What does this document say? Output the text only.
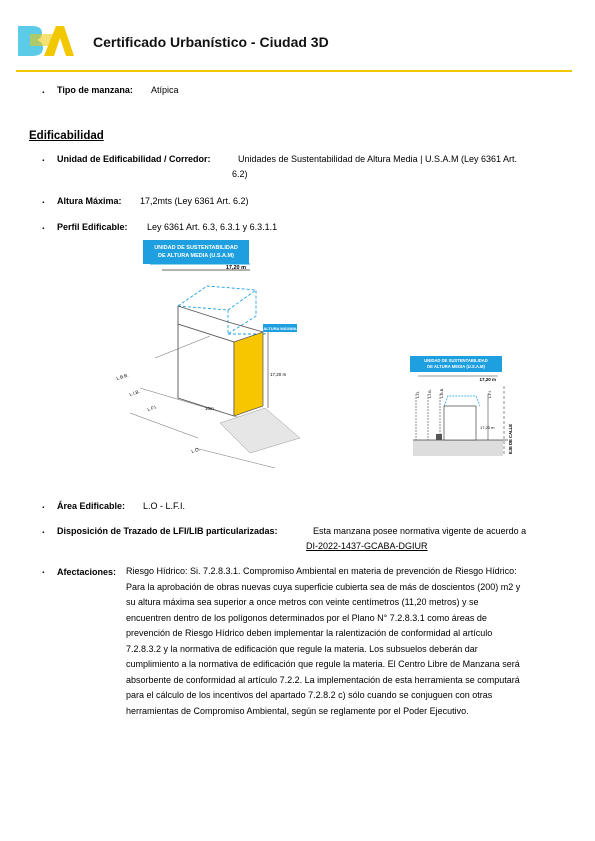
BA
Certificado Urbanístico - Ciudad 3D
. Tipo de manzana: Atípica
Edificabilidad
. Unidad de Edificabilidad / Corredor:	Unidades de Sustentabilidad de Altura Media | U.S.A.M (Ley 6361 Art.
6.2)
. Altura Máxima: 17,2mts (Ley 6361 Art. 6.2)
. Perfil Edificable: Ley 6361 Art. 6.3, 6.3.1 y 6.3.1.1
UNIDAD DE SUSTENTABILIDAD
DE ALTURA MEDIA (U.S.A.M)
17,20 m
ALTURA MÁXIMA
17,20 m
10m
L.B.B.
L.I.B.
L.F.I.
L.O.
UNIDAD DE SUSTENTABILIDAD
DE ALTURA MEDIA (U.S.A.M)
17,20 m
17,20 m	EJE DE CALLE
L.O. L.I.B. L.B.B.	L.F.I.
. Área Edificable: L.O - L.F.I.
. Disposición de Trazado de LFI/LIB particularizadas:	Esta manzana posee normativa vigente de acuerdo a
DI-2022-1437-GCABA-DGIUR
. Afectaciones: Riesgo Hídrico: Si. 7.2.8.3.1. Compromiso Ambiental en materia de prevención de Riesgo Hídrico:
Para la aprobación de obras nuevas cuya superficie cubierta sea de más de doscientos (200) m2 y
su altura máxima sea superior a once metros con veinte centímetros (11,20 metros) y se
encuentren dentro de los polígonos determinados por el Plano N° 7.2.8.3.1 como áreas de
prevención de Riesgo Hídrico deben implementar la ralentización de conformidad al artículo
7.2.8.3.2 y la normativa de edificación que regule la materia. Los subsuelos deberán dar
cumplimiento a la normativa de edificación que regule la materia. El Centro Libre de Manzana será
absorbente de conformidad al artículo 7.2.2. La implementación de esta herramienta se computará
para el cálculo de los incentivos del apartado 7.2.8.2 c) sólo cuando se conjuguen con otras
herramientas de Compromiso Ambiental, según se reglamente por el Poder Ejecutivo.
